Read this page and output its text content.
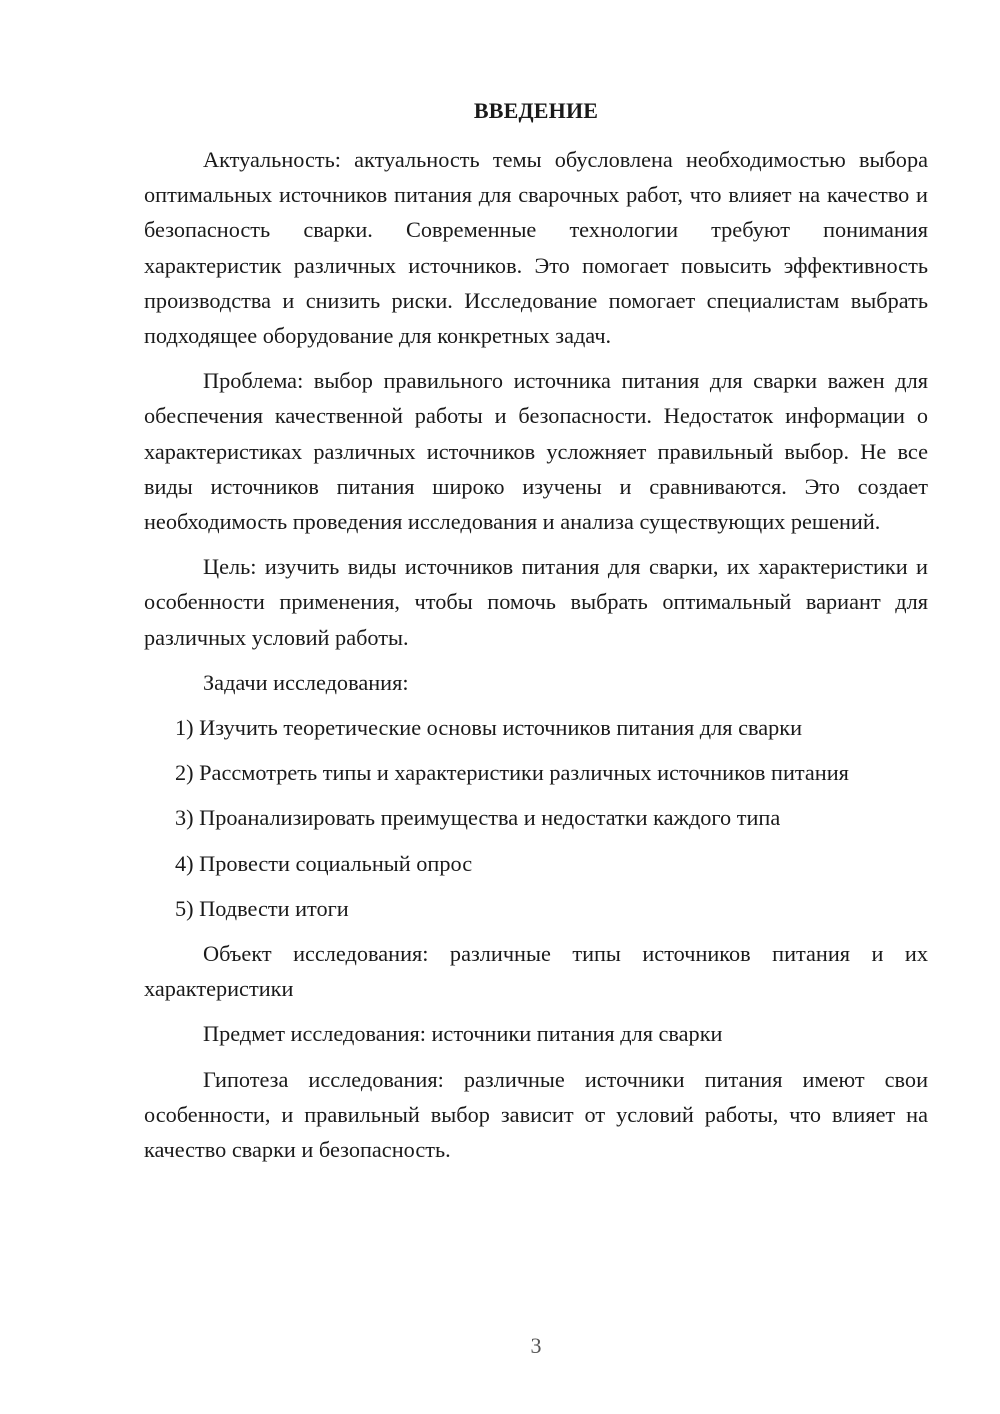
ВВЕДЕНИЕ

Актуальность: актуальность темы обусловлена необходимостью выбора оптимальных источников питания для сварочных работ, что влияет на качество и безопасность сварки. Современные технологии требуют понимания характеристик различных источников. Это помогает повысить эффективность производства и снизить риски. Исследование помогает специалистам выбрать подходящее оборудование для конкретных задач.

Проблема: выбор правильного источника питания для сварки важен для обеспечения качественной работы и безопасности. Недостаток информации о характеристиках различных источников усложняет правильный выбор. Не все виды источников питания широко изучены и сравниваются. Это создает необходимость проведения исследования и анализа существующих решений.

Цель: изучить виды источников питания для сварки, их характеристики и особенности применения, чтобы помочь выбрать оптимальный вариант для различных условий работы.

Задачи исследования:

1) Изучить теоретические основы источников питания для сварки

2) Рассмотреть типы и характеристики различных источников питания

3) Проанализировать преимущества и недостатки каждого типа

4) Провести социальный опрос

5) Подвести итоги

Объект исследования: различные типы источников питания и их характеристики

Предмет исследования: источники питания для сварки

Гипотеза исследования: различные источники питания имеют свои особенности, и правильный выбор зависит от условий работы, что влияет на качество сварки и безопасность.

3
